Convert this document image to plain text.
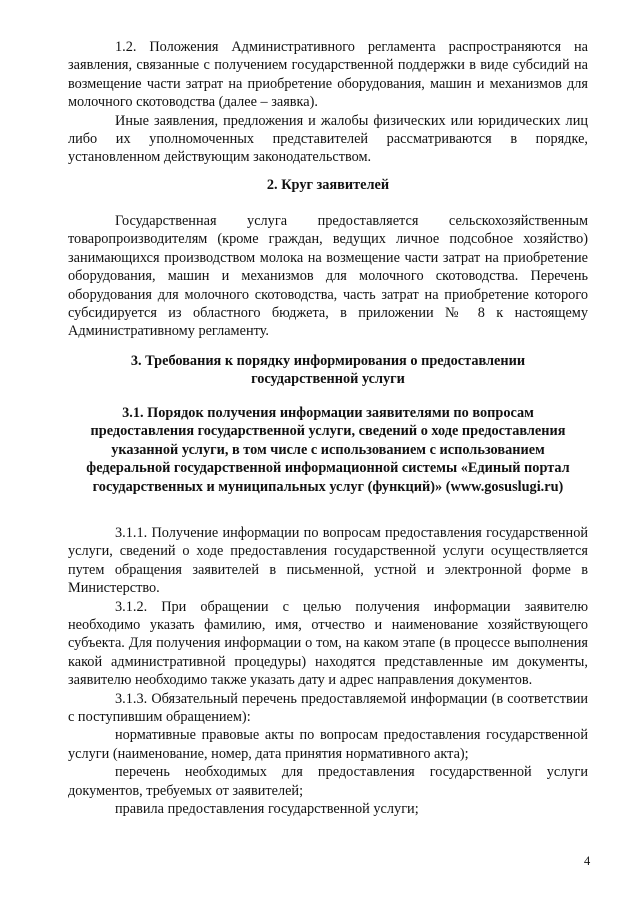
1.2. Положения Административного регламента распространяются на заявления, связанные с получением государственной поддержки в виде субсидий на возмещение части затрат на приобретение оборудования, машин и механизмов для молочного скотоводства (далее – заявка).

Иные заявления, предложения и жалобы физических или юридических лиц либо их уполномоченных представителей рассматриваются в порядке, установленном действующим законодательством.

2. Круг заявителей

Государственная услуга предоставляется сельскохозяйственным товаропроизводителям (кроме граждан, ведущих личное подсобное хозяйство) занимающихся производством молока на возмещение части затрат на приобретение оборудования, машин и механизмов для молочного скотоводства. Перечень оборудования для молочного скотоводства, часть затрат на приобретение которого субсидируется из областного бюджета, в приложении № 8 к настоящему Административному регламенту.

3. Требования к порядку информирования о предоставлении государственной услуги

3.1. Порядок получения информации заявителями по вопросам предоставления государственной услуги, сведений о ходе предоставления указанной услуги, в том числе с использованием с использованием федеральной государственной информационной системы «Единый портал государственных и муниципальных услуг (функций)» (www.gosuslugi.ru)

3.1.1. Получение информации по вопросам предоставления государственной услуги, сведений о ходе предоставления государственной услуги осуществляется путем обращения заявителей в письменной, устной и электронной форме в Министерство.

3.1.2. При обращении с целью получения информации заявителю необходимо указать фамилию, имя, отчество и наименование хозяйствующего субъекта. Для получения информации о том, на каком этапе (в процессе выполнения какой административной процедуры) находятся представленные им документы, заявителю необходимо также указать дату и адрес направления документов.

3.1.3. Обязательный перечень предоставляемой информации (в соответствии с поступившим обращением):

нормативные правовые акты по вопросам предоставления государственной услуги (наименование, номер, дата принятия нормативного акта);

перечень необходимых для предоставления государственной услуги документов, требуемых от заявителей;

правила предоставления государственной услуги;

4
